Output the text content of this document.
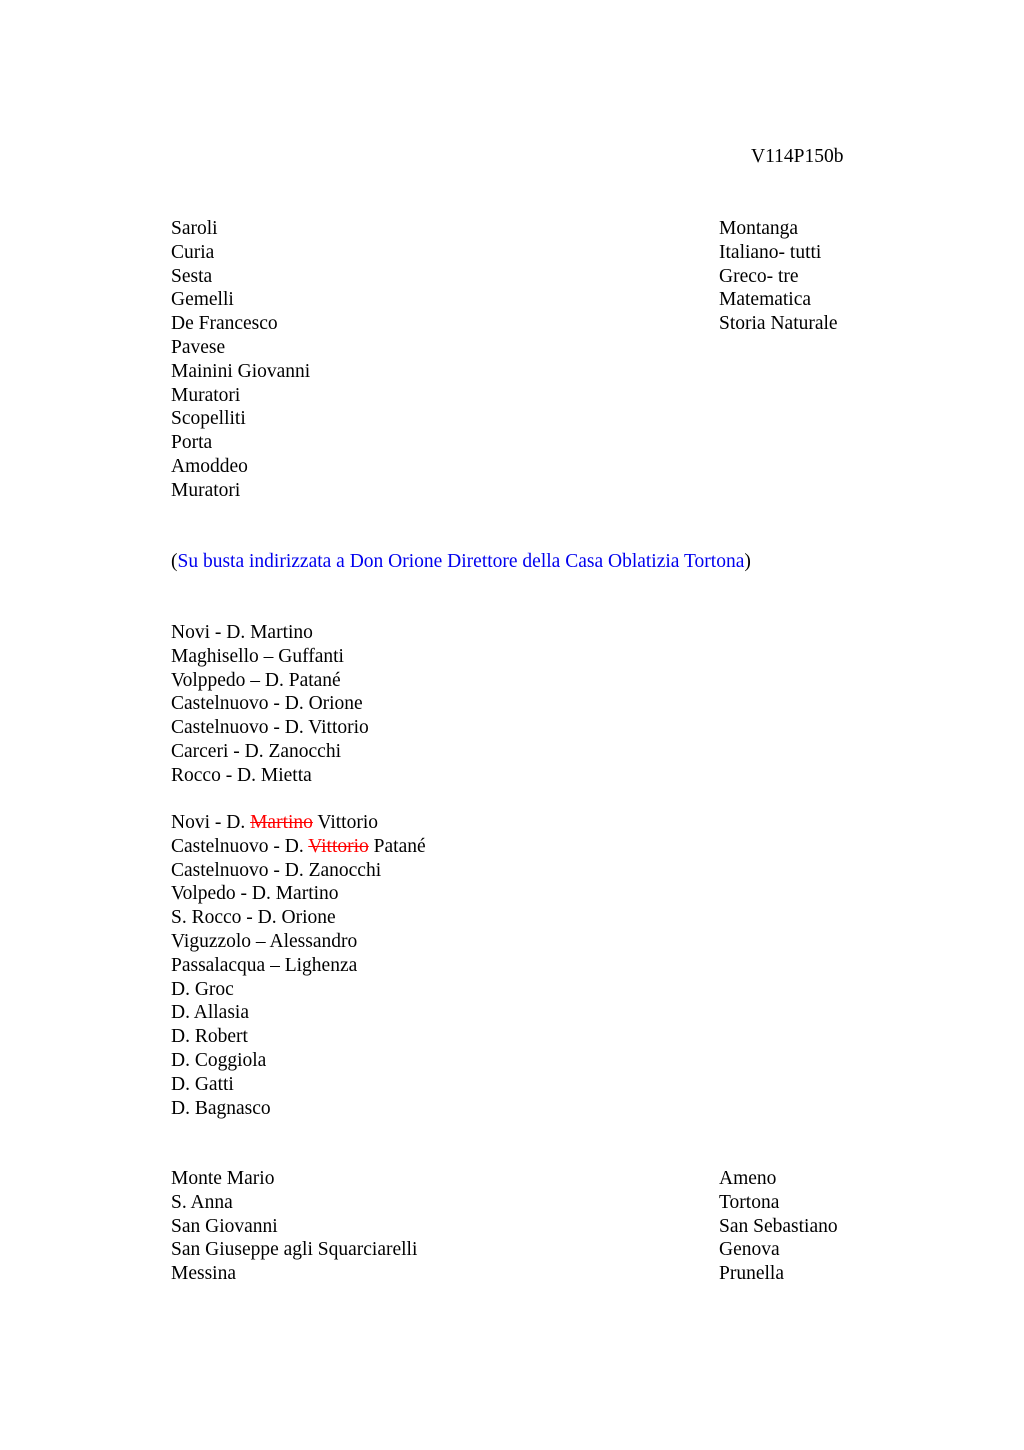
V114P150b
Saroli
Curia
Sesta
Gemelli
De Francesco
Pavese
Mainini Giovanni
Muratori
Scopelliti
Porta
Amoddeo
Muratori
Montanga
Italiano- tutti
Greco- tre
Matematica
Storia Naturale
(Su busta indirizzata a Don Orione Direttore della Casa Oblatizia Tortona)
Novi - D. Martino
Maghisello – Guffanti
Volppedo – D. Patané
Castelnuovo - D. Orione
Castelnuovo - D. Vittorio
Carceri - D. Zanocchi
Rocco - D. Mietta
Novi - D. Martino Vittorio
Castelnuovo - D. Vittorio Patané
Castelnuovo - D. Zanocchi
Volpedo - D. Martino
S. Rocco - D. Orione
Viguzzolo – Alessandro
Passalacqua – Lighenza
D. Groc
D. Allasia
D. Robert
D. Coggiola
D. Gatti
D. Bagnasco
Monte Mario
S. Anna
San Giovanni
San Giuseppe agli Squarciarelli
Messina
Ameno
Tortona
San Sebastiano
Genova
Prunella
